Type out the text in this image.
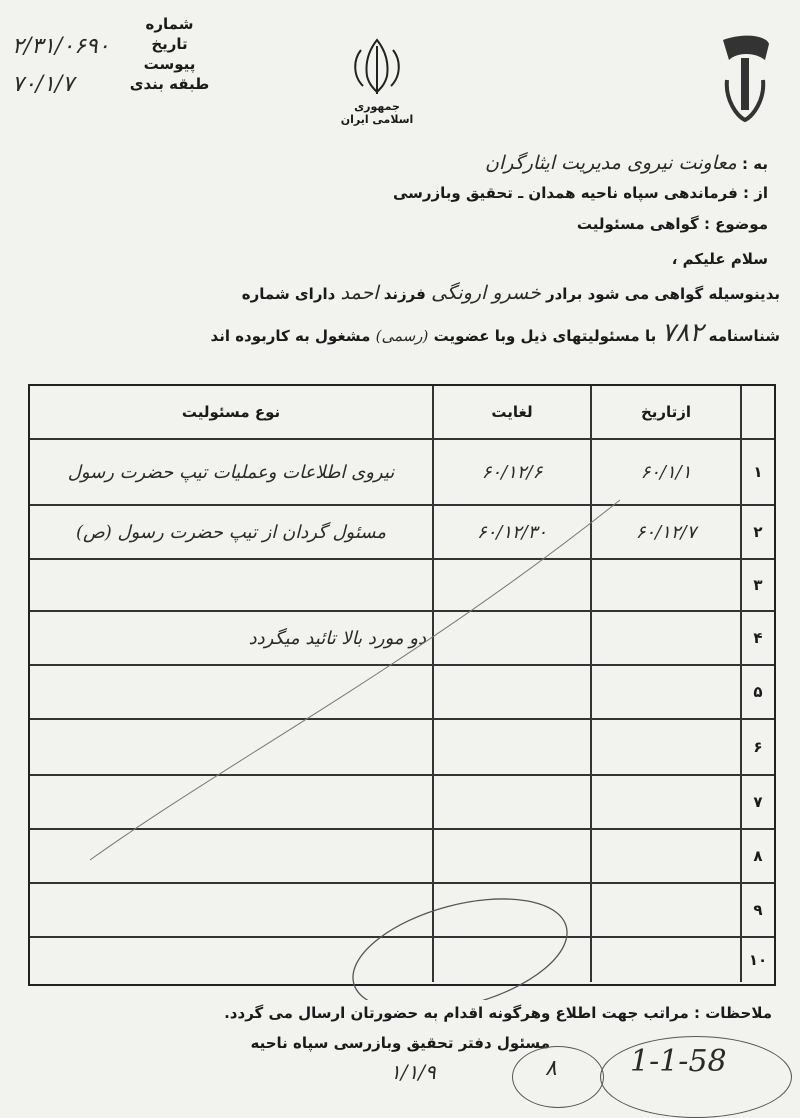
شماره
تاریخ
پیوست
طبقه بندی
۲/۳۱/۰۶۹۰
۷۰/۱/۷
جمهوری اسلامی ایران
به : معاونت نیروی مدیریت ایثارگران
از : فرماندهی سپاه ناحیه همدان ـ تحقیق وبازرسی
موضوع : گواهی مسئولیت
سلام علیکم ،
بدینوسیله گواهی می شود برادر خسرو ارونگی فرزند احمد دارای شماره
شناسنامه ۷۸۲ با مسئولیتهای ذیل وبا عضویت (رسمی) مشغول به کاربوده اند
ازتاریخ
لغایت
نوع مسئولیت
۱
۶۰/۱/۱
۶۰/۱۲/۶
نیروی اطلاعات وعملیات تیپ حضرت رسول
۲
۶۰/۱۲/۷
۶۰/۱۲/۳۰
مسئول گردان از تیپ حضرت رسول (ص)
۳
۴
دو مورد بالا تائید میگردد
۵
۶
۷
۸
۹
۱۰
ملاحظات : مراتب جهت اطلاع وهرگونه اقدام به حضورتان ارسال می گردد.
مسئول دفتر تحقیق وبازرسی سپاه ناحیه
۱/۱/۹	۸ 1-1-58
